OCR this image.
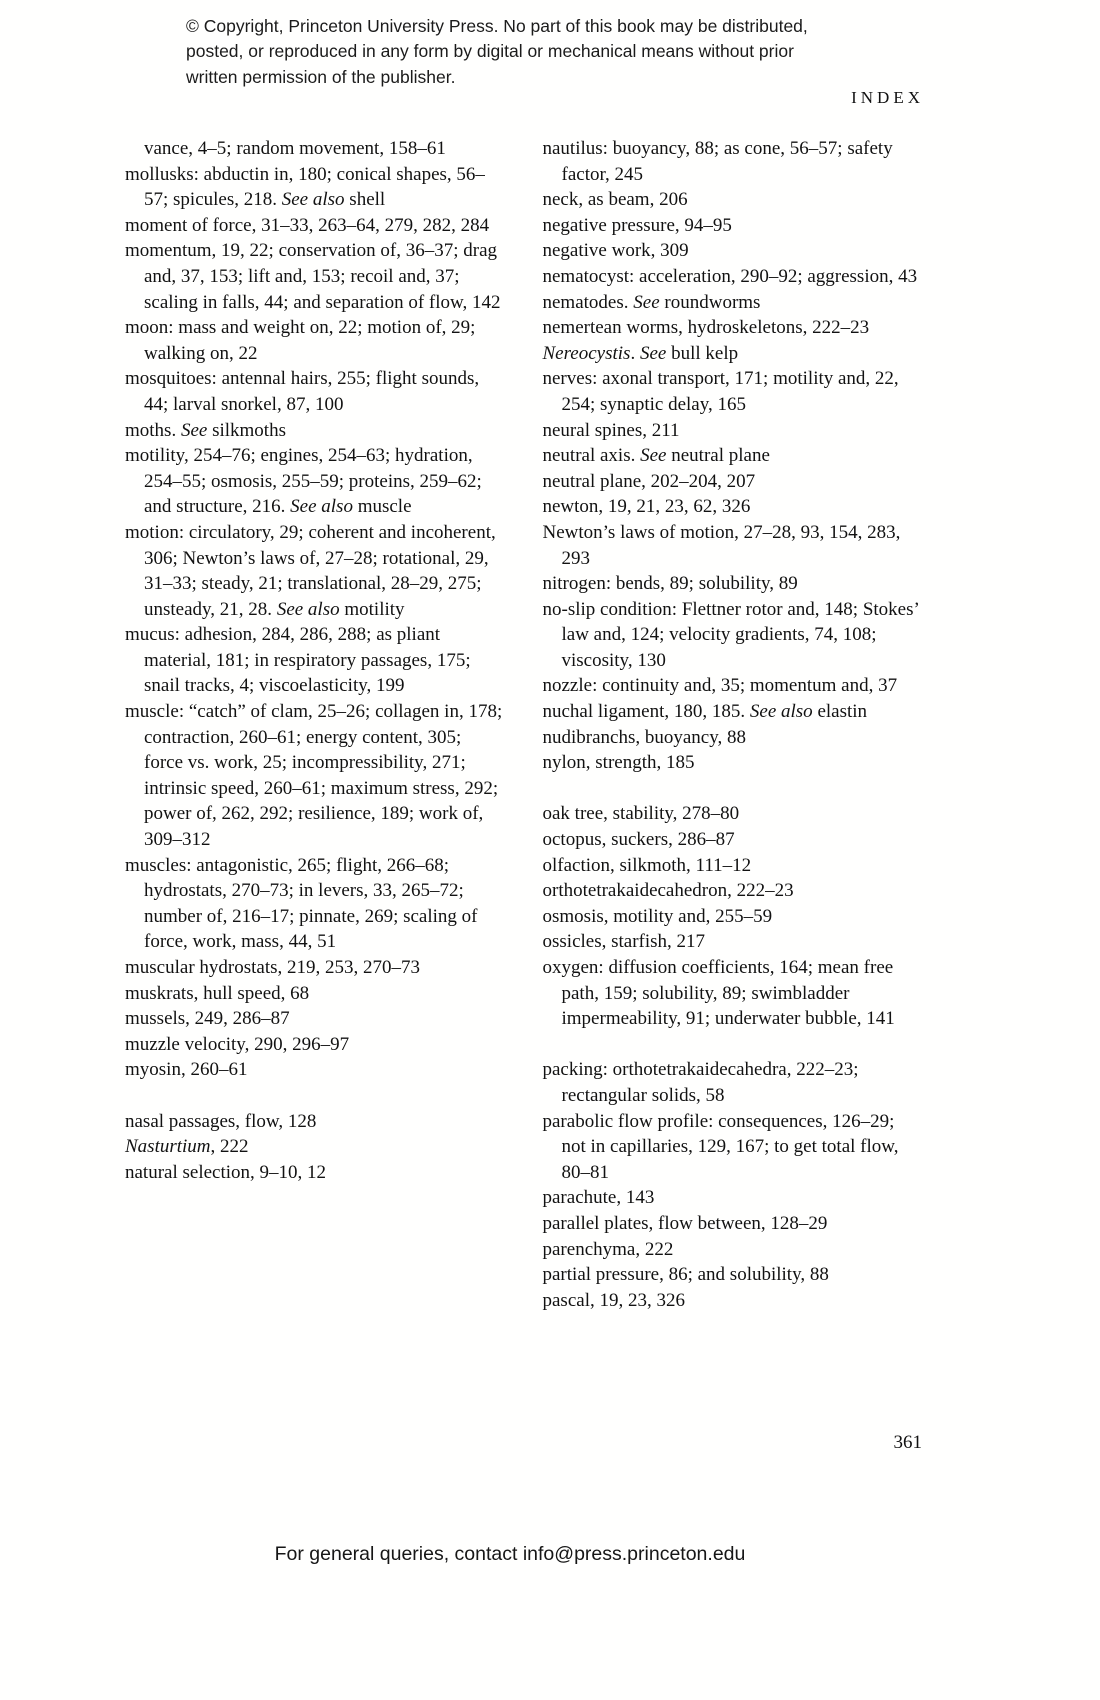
© Copyright, Princeton University Press. No part of this book may be distributed, posted, or reproduced in any form by digital or mechanical means without prior written permission of the publisher.
INDEX

vance, 4–5; random movement, 158–61

mollusks: abductin in, 180; conical shapes, 56–57; spicules, 218. See also shell

moment of force, 31–33, 263–64, 279, 282, 284

momentum, 19, 22; conservation of, 36–37; drag and, 37, 153; lift and, 153; recoil and, 37; scaling in falls, 44; and separation of flow, 142

moon: mass and weight on, 22; motion of, 29; walking on, 22

mosquitoes: antennal hairs, 255; flight sounds, 44; larval snorkel, 87, 100

moths. See silkmoths

motility, 254–76; engines, 254–63; hydration, 254–55; osmosis, 255–59; proteins, 259–62; and structure, 216. See also muscle

motion: circulatory, 29; coherent and incoherent, 306; Newton’s laws of, 27–28; rotational, 29, 31–33; steady, 21; translational, 28–29, 275; unsteady, 21, 28. See also motility

mucus: adhesion, 284, 286, 288; as pliant material, 181; in respiratory passages, 175; snail tracks, 4; viscoelasticity, 199

muscle: “catch” of clam, 25–26; collagen in, 178; contraction, 260–61; energy content, 305; force vs. work, 25; incompressibility, 271; intrinsic speed, 260–61; maximum stress, 292; power of, 262, 292; resilience, 189; work of, 309–312

muscles: antagonistic, 265; flight, 266–68; hydrostats, 270–73; in levers, 33, 265–72; number of, 216–17; pinnate, 269; scaling of force, work, mass, 44, 51

muscular hydrostats, 219, 253, 270–73

muskrats, hull speed, 68

mussels, 249, 286–87

muzzle velocity, 290, 296–97

myosin, 260–61

nasal passages, flow, 128

Nasturtium, 222

natural selection, 9–10, 12

nautilus: buoyancy, 88; as cone, 56–57; safety factor, 245

neck, as beam, 206

negative pressure, 94–95

negative work, 309

nematocyst: acceleration, 290–92; aggression, 43

nematodes. See roundworms

nemertean worms, hydroskeletons, 222–23

Nereocystis. See bull kelp

nerves: axonal transport, 171; motility and, 22, 254; synaptic delay, 165

neural spines, 211

neutral axis. See neutral plane

neutral plane, 202–204, 207

newton, 19, 21, 23, 62, 326

Newton’s laws of motion, 27–28, 93, 154, 283, 293

nitrogen: bends, 89; solubility, 89

no-slip condition: Flettner rotor and, 148; Stokes’ law and, 124; velocity gradients, 74, 108; viscosity, 130

nozzle: continuity and, 35; momentum and, 37

nuchal ligament, 180, 185. See also elastin

nudibranchs, buoyancy, 88

nylon, strength, 185

oak tree, stability, 278–80

octopus, suckers, 286–87

olfaction, silkmoth, 111–12

orthotetrakaidecahedron, 222–23

osmosis, motility and, 255–59

ossicles, starfish, 217

oxygen: diffusion coefficients, 164; mean free path, 159; solubility, 89; swimbladder impermeability, 91; underwater bubble, 141

packing: orthotetrakaidecahedra, 222–23; rectangular solids, 58

parabolic flow profile: consequences, 126–29; not in capillaries, 129, 167; to get total flow, 80–81

parachute, 143

parallel plates, flow between, 128–29

parenchyma, 222

partial pressure, 86; and solubility, 88

pascal, 19, 23, 326

361
For general queries, contact info@press.princeton.edu
